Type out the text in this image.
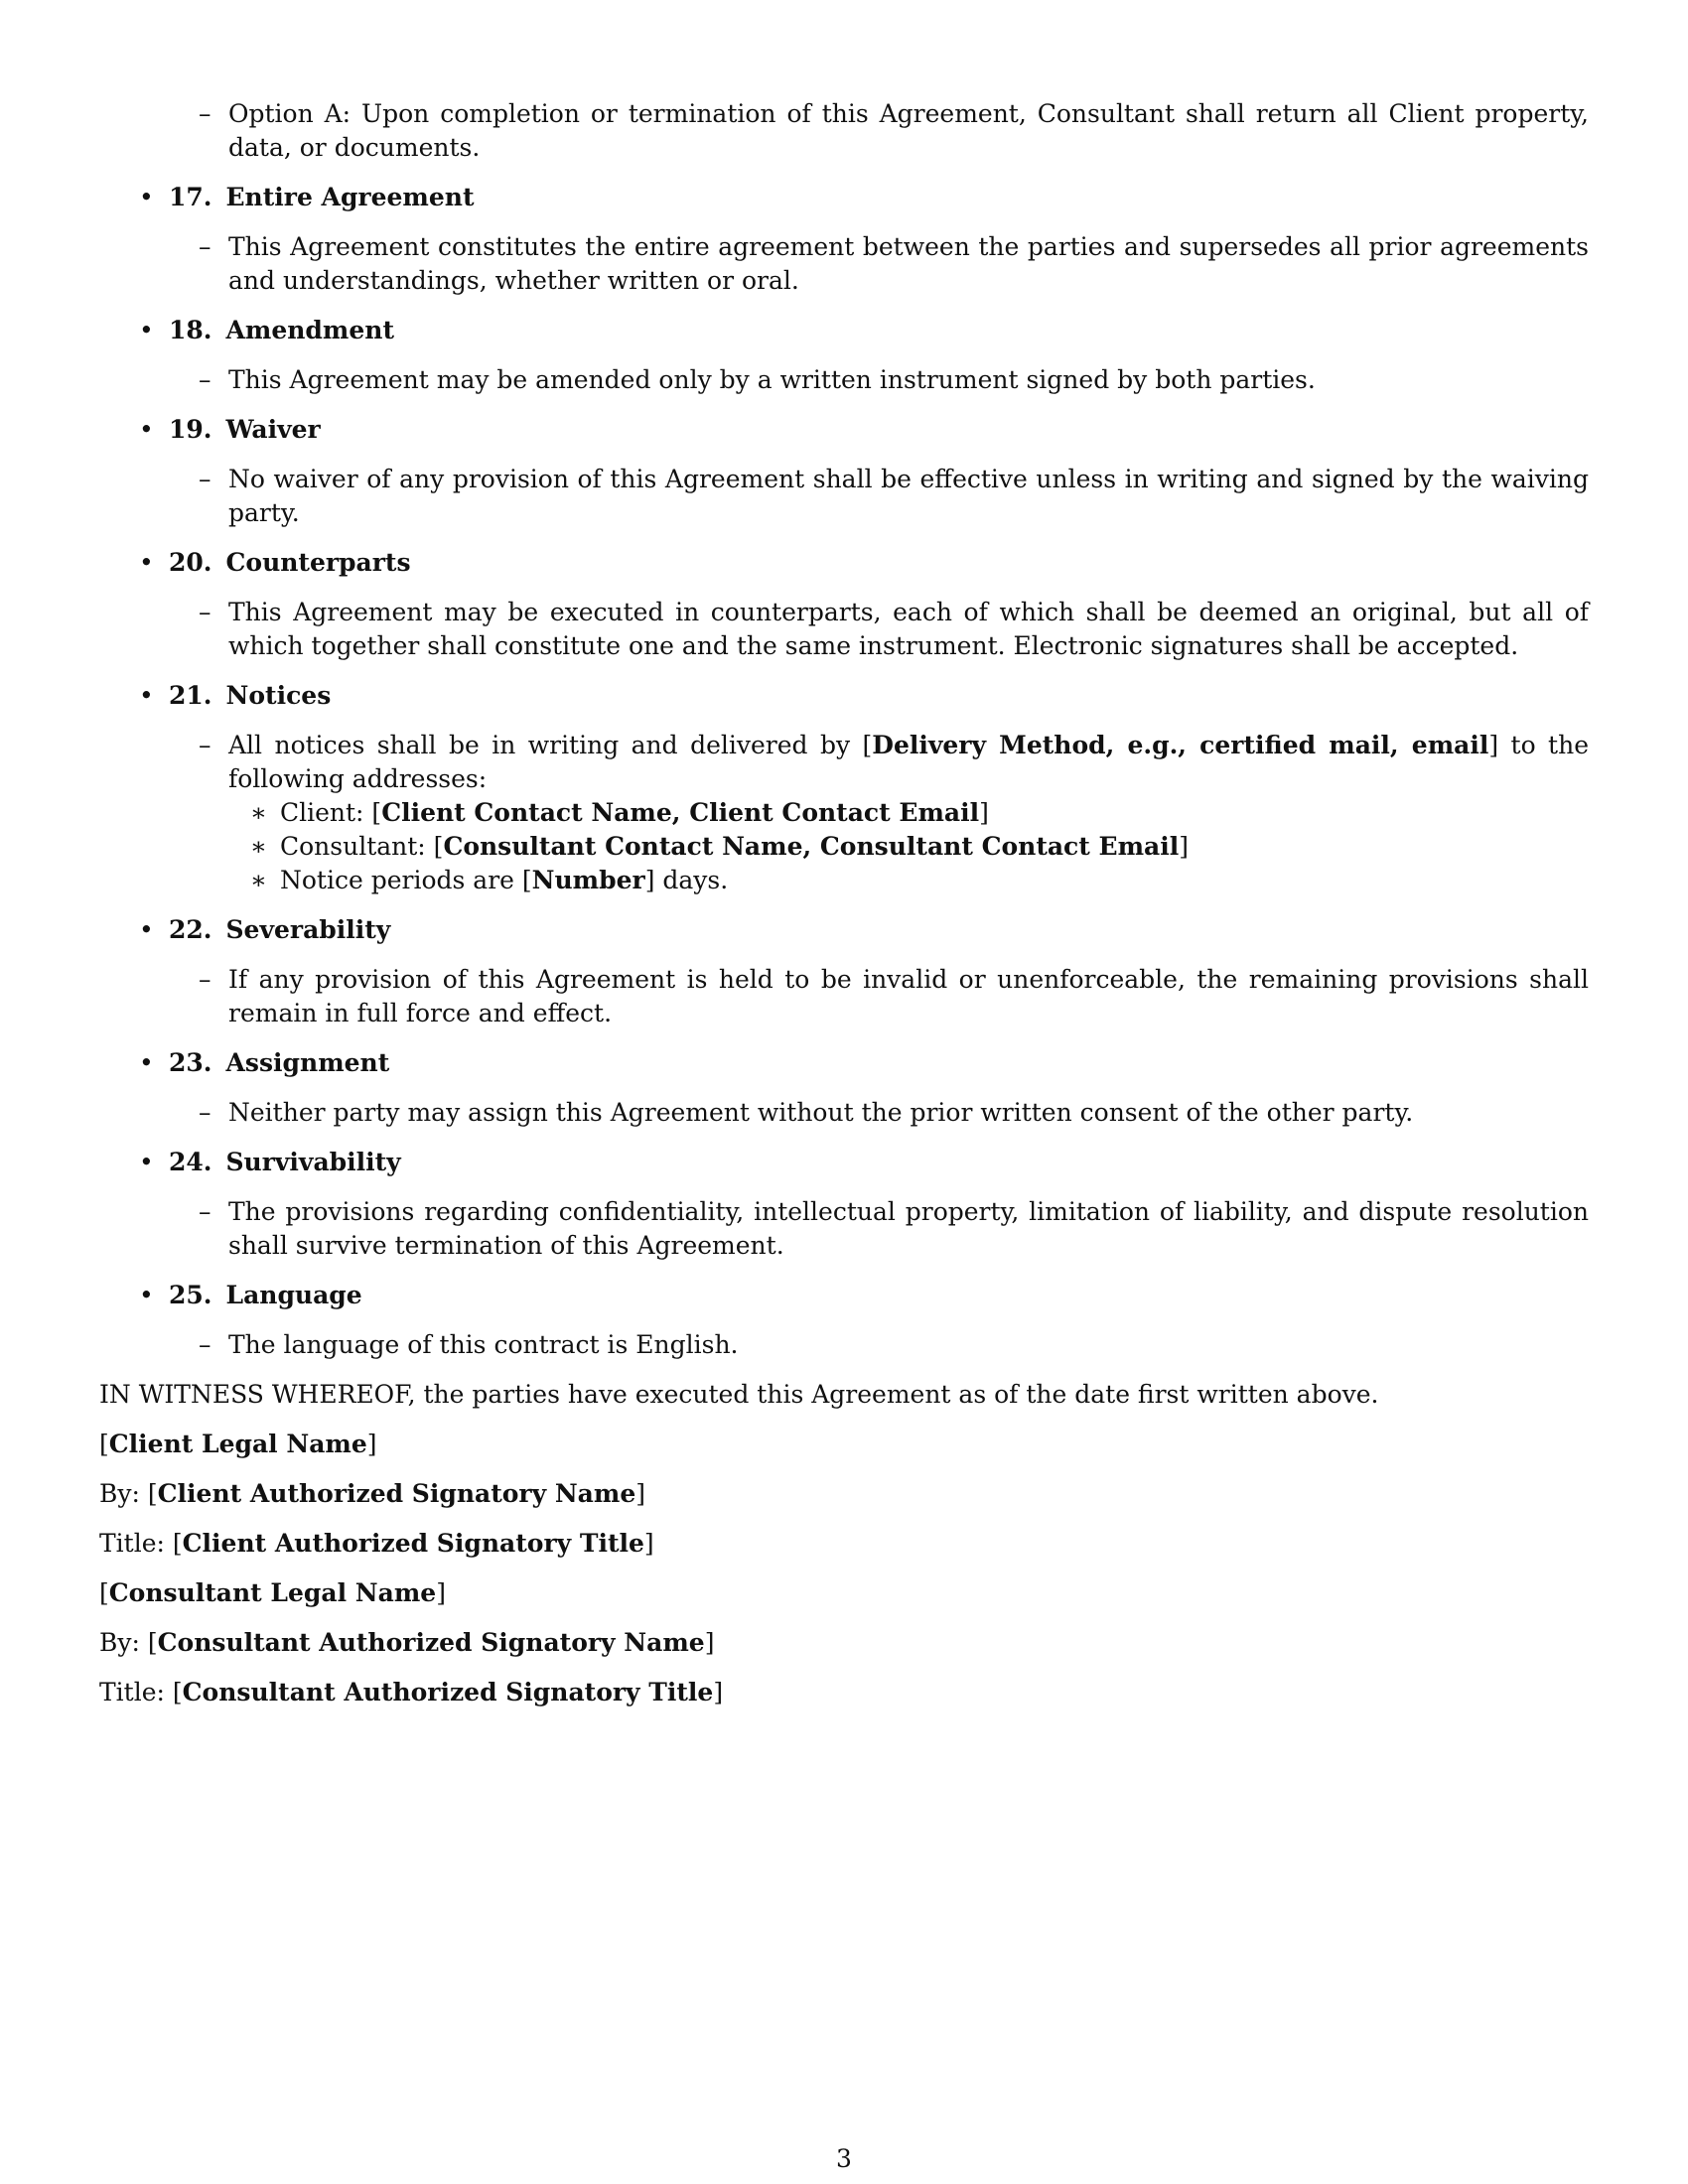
– Option A: Upon completion or termination of this Agreement, Consultant shall return all Client property, data, or documents.
• 17. Entire Agreement
– This Agreement constitutes the entire agreement between the parties and supersedes all prior agreements and understandings, whether written or oral.
• 18. Amendment
– This Agreement may be amended only by a written instrument signed by both parties.
• 19. Waiver
– No waiver of any provision of this Agreement shall be effective unless in writing and signed by the waiving party.
• 20. Counterparts
– This Agreement may be executed in counterparts, each of which shall be deemed an original, but all of which together shall constitute one and the same instrument. Electronic signatures shall be accepted.
• 21. Notices
– All notices shall be in writing and delivered by [Delivery Method, e.g., certified mail, email] to the following addresses:
∗ Client: [Client Contact Name, Client Contact Email]
∗ Consultant: [Consultant Contact Name, Consultant Contact Email]
∗ Notice periods are [Number] days.
• 22. Severability
– If any provision of this Agreement is held to be invalid or unenforceable, the remaining provisions shall remain in full force and effect.
• 23. Assignment
– Neither party may assign this Agreement without the prior written consent of the other party.
• 24. Survivability
– The provisions regarding confidentiality, intellectual property, limitation of liability, and dispute resolution shall survive termination of this Agreement.
• 25. Language
– The language of this contract is English.
IN WITNESS WHEREOF, the parties have executed this Agreement as of the date first written above.
[Client Legal Name]
By: [Client Authorized Signatory Name]
Title: [Client Authorized Signatory Title]
[Consultant Legal Name]
By: [Consultant Authorized Signatory Name]
Title: [Consultant Authorized Signatory Title]
3
